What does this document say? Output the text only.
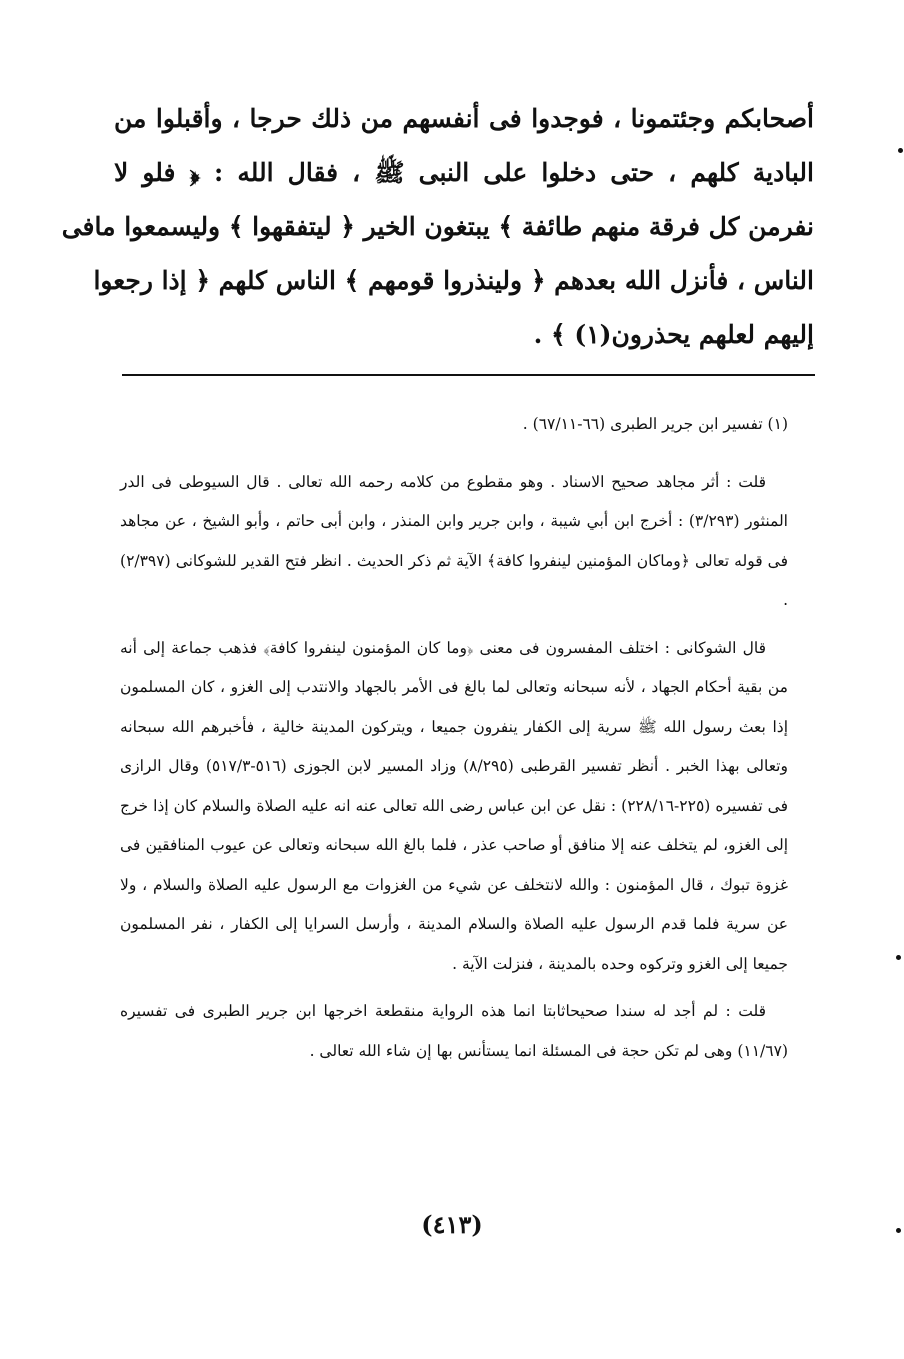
أصحابكم وجئتمونا ، فوجدوا فى أنفسهم من ذلك حرجا ، وأقبلوا من
البادية كلهم ، حتى دخلوا على النبى ﷺ ، فقال الله : ﴿ فلو لا
نفرمن كل فرقة منهم طائفة ﴾ يبتغون الخير ﴿ ليتفقهوا ﴾ وليسمعوا مافى
الناس ، فأنزل الله بعدهم ﴿ ولينذروا قومهم ﴾ الناس كلهم ﴿ إذا رجعوا
إليهم لعلهم يحذرون(١) ﴾ .

(١) تفسير ابن جرير الطبرى (٦٦-٦٧/١١) .

قلت : أثر مجاهد صحيح الاسناد . وهو مقطوع من كلامه رحمه الله تعالى . قال السيوطى فى الدر المنثور (٣/٢٩٣) : أخرج ابن أبي شيبة ، وابن جرير وابن المنذر ، وابن أبى حاتم ، وأبو الشيخ ، عن مجاهد فى قوله تعالى ﴿وماكان المؤمنين لينفروا كافة﴾ الآية ثم ذكر الحديث . انظر فتح القدير للشوكانى (٢/٣٩٧) .

قال الشوكانى : اختلف المفسرون فى معنى ﴿وما كان المؤمنون لينفروا كافة﴾ فذهب جماعة إلى أنه من بقية أحكام الجهاد ، لأنه سبحانه وتعالى لما بالغ فى الأمر بالجهاد والانتدب إلى الغزو ، كان المسلمون إذا بعث رسول الله ﷺ سرية إلى الكفار ينفرون جميعا ، ويتركون المدينة خالية ، فأخبرهم الله سبحانه وتعالى بهذا الخبر . أنظر تفسير القرطبى (٨/٢٩٥) وزاد المسير لابن الجوزى (٥١٦-٥١٧/٣) وقال الرازى فى تفسيره (٢٢٥-٢٢٨/١٦) : نقل عن ابن عباس رضى الله تعالى عنه انه عليه الصلاة والسلام كان إذا خرج إلى الغزو، لم يتخلف عنه إلا منافق أو صاحب عذر ، فلما بالغ الله سبحانه وتعالى عن عيوب المنافقين فى غزوة تبوك ، قال المؤمنون : والله لانتخلف عن شيء من الغزوات مع الرسول عليه الصلاة والسلام ، ولا عن سرية فلما قدم الرسول عليه الصلاة والسلام المدينة ، وأرسل السرايا إلى الكفار ، نفر المسلمون جميعا إلى الغزو وتركوه وحده بالمدينة ، فنزلت الآية .

قلت : لم أجد له سندا صحيحاثابتا انما هذه الرواية منقطعة اخرجها ابن جرير الطبرى فى تفسيره (١١/٦٧) وهى لم تكن حجة فى المسئلة انما يستأنس بها إن شاء الله تعالى .

(٤١٣)
